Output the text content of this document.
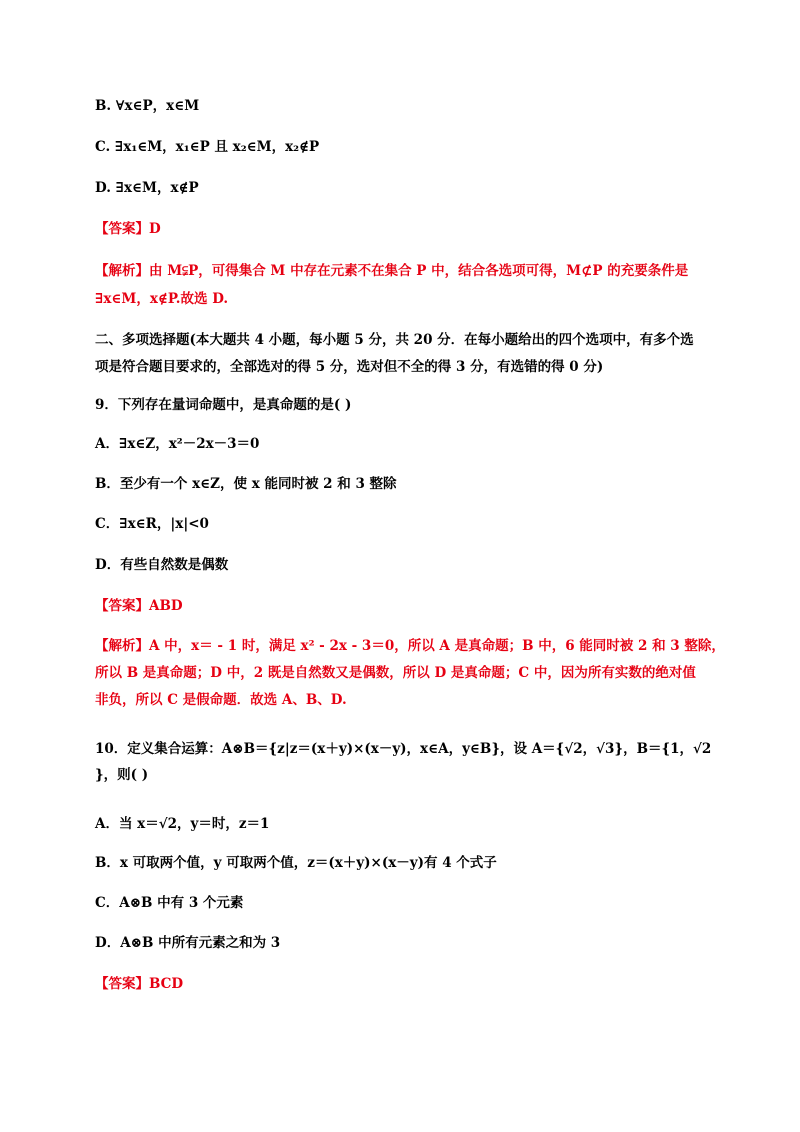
B. ∀x∈P，x∈M
C. ∃x₁∈M，x₁∈P 且 x₂∈M，x₂∉P
D. ∃x∈M，x∉P
【答案】D
【解析】由 M⫋P，可得集合 M 中存在元素不在集合 P 中，结合各选项可得，M⊄P 的充要条件是
∃x∈M，x∉P.故选 D.
二、多项选择题(本大题共 4 小题，每小题 5 分，共 20 分．在每小题给出的四个选项中，有多个选
项是符合题目要求的，全部选对的得 5 分，选对但不全的得 3 分，有选错的得 0 分)
9．下列存在量词命题中，是真命题的是( )
A．∃x∈Z，x²－2x－3＝0
B．至少有一个 x∈Z，使 x 能同时被 2 和 3 整除
C．∃x∈R，|x|<0
D．有些自然数是偶数
【答案】ABD
【解析】A 中，x＝ - 1 时，满足 x² - 2x - 3＝0，所以 A 是真命题；B 中，6 能同时被 2 和 3 整除，
所以 B 是真命题；D 中，2 既是自然数又是偶数，所以 D 是真命题；C 中，因为所有实数的绝对值
非负，所以 C 是假命题．故选 A、B、D.
10．定义集合运算：A⊗B＝{z|z＝(x＋y)×(x－y)，x∈A，y∈B}，设 A＝{√2，√3}，B＝{1，√2
}，则( )
A．当 x＝√2，y＝时，z＝1
B．x 可取两个值，y 可取两个值，z＝(x＋y)×(x－y)有 4 个式子
C．A⊗B 中有 3 个元素
D．A⊗B 中所有元素之和为 3
【答案】BCD
